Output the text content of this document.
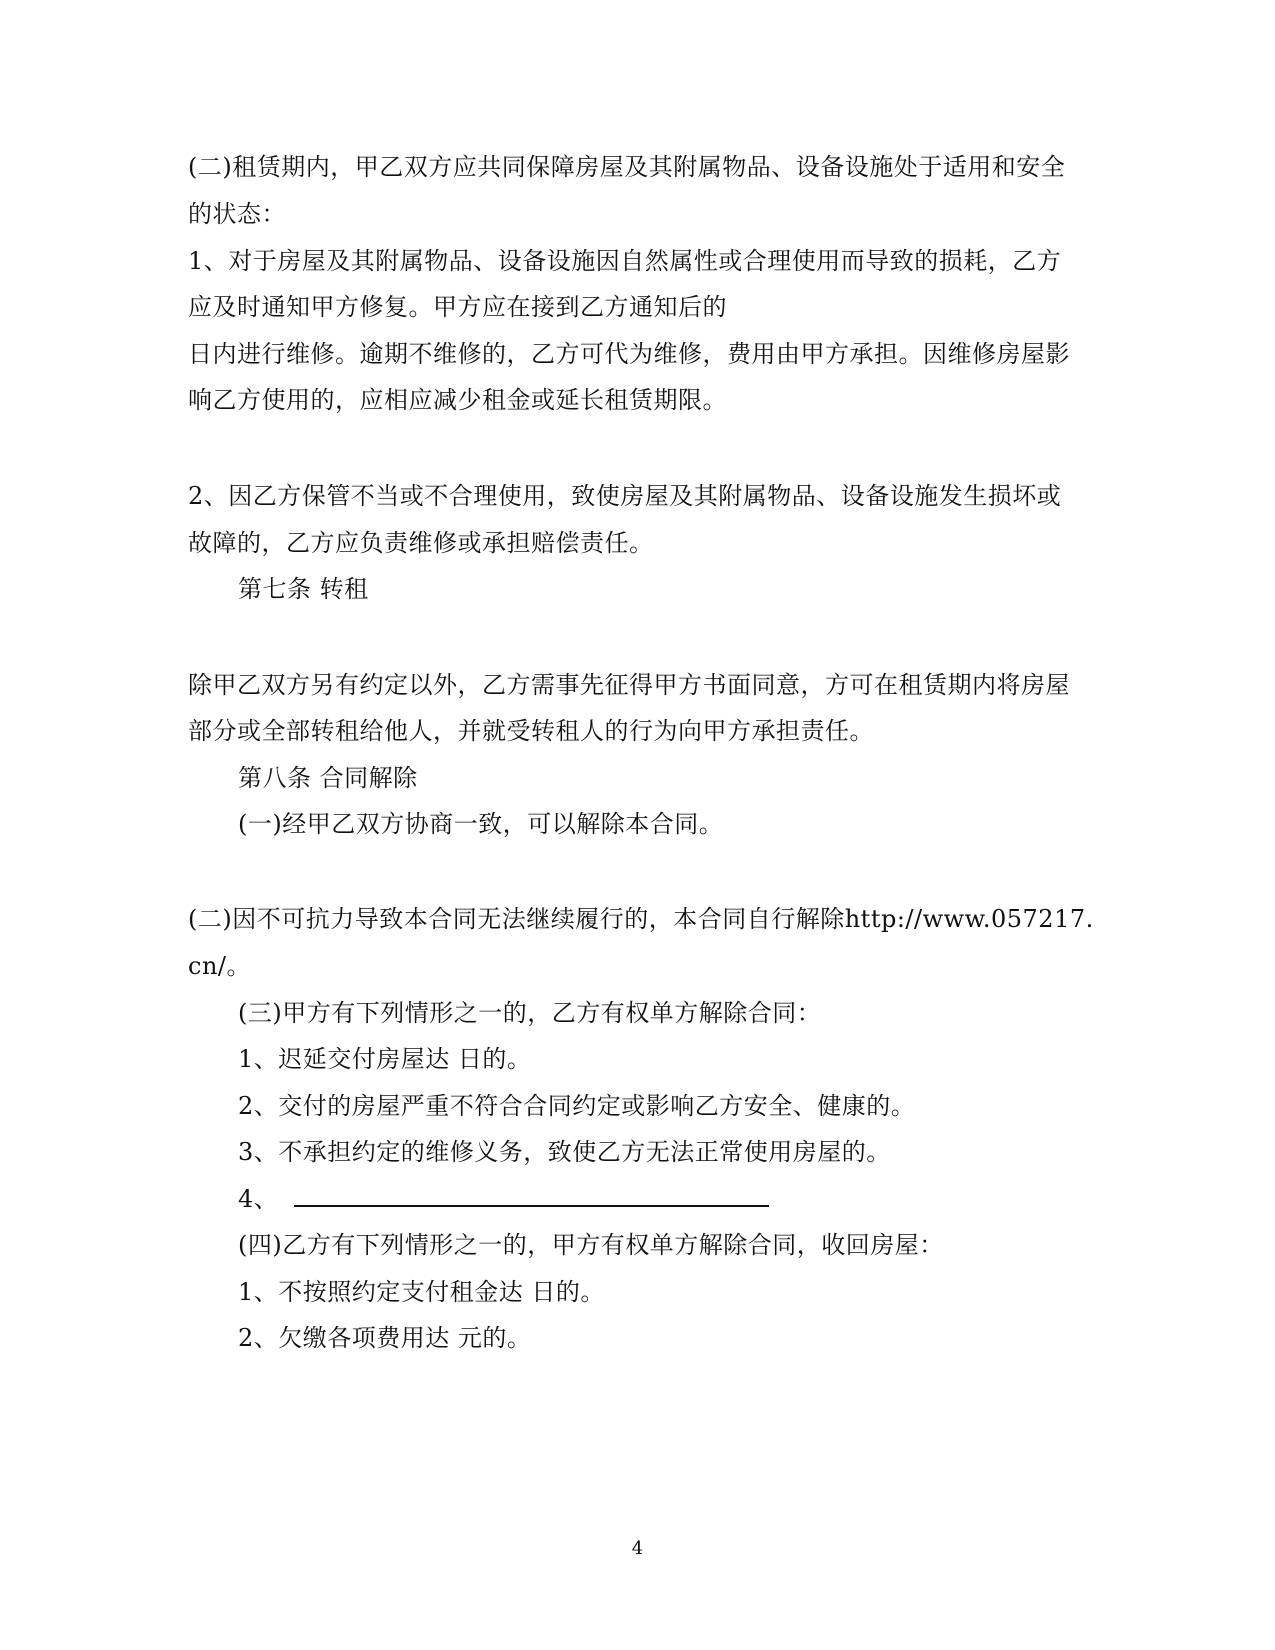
(二)租赁期内，甲乙双方应共同保障房屋及其附属物品、设备设施处于适用和安全
的状态：
1、对于房屋及其附属物品、设备设施因自然属性或合理使用而导致的损耗，乙方
应及时通知甲方修复。甲方应在接到乙方通知后的
日内进行维修。逾期不维修的，乙方可代为维修，费用由甲方承担。因维修房屋影
响乙方使用的，应相应减少租金或延长租赁期限。
2、因乙方保管不当或不合理使用，致使房屋及其附属物品、设备设施发生损坏或
故障的，乙方应负责维修或承担赔偿责任。
第七条 转租
除甲乙双方另有约定以外，乙方需事先征得甲方书面同意，方可在租赁期内将房屋
部分或全部转租给他人，并就受转租人的行为向甲方承担责任。
第八条 合同解除
(一)经甲乙双方协商一致，可以解除本合同。
(二)因不可抗力导致本合同无法继续履行的，本合同自行解除http://www.057217.
cn/。
(三)甲方有下列情形之一的，乙方有权单方解除合同：
1、迟延交付房屋达 日的。
2、交付的房屋严重不符合合同约定或影响乙方安全、健康的。
3、不承担约定的维修义务，致使乙方无法正常使用房屋的。
4、
(四)乙方有下列情形之一的，甲方有权单方解除合同，收回房屋：
1、不按照约定支付租金达 日的。
2、欠缴各项费用达 元的。
4
